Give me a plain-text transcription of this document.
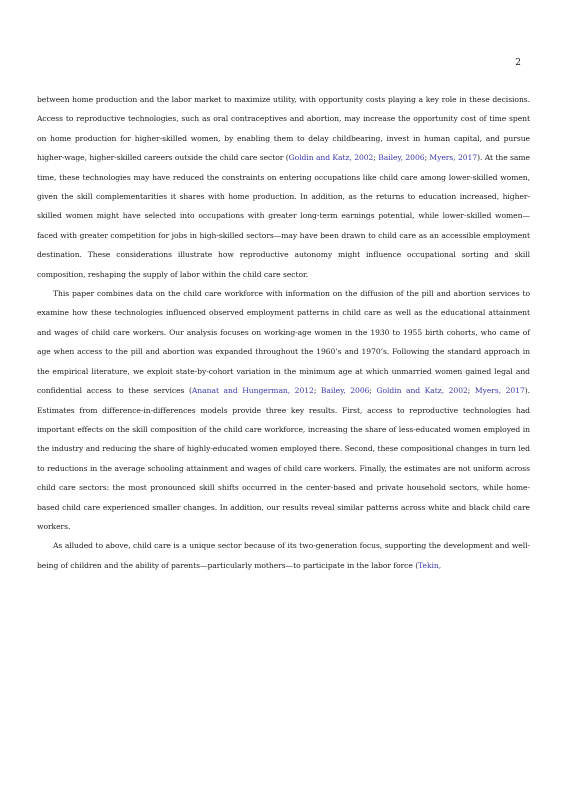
2

between home production and the labor market to maximize utility, with opportunity costs playing a key role in these decisions. Access to reproductive technologies, such as oral contraceptives and abortion, may increase the opportunity cost of time spent on home production for higher-skilled women, by enabling them to delay childbearing, invest in human capital, and pursue higher-wage, higher-skilled careers outside the child care sector (Goldin and Katz, 2002; Bailey, 2006; Myers, 2017). At the same time, these technologies may have reduced the constraints on entering occupations like child care among lower-skilled women, given the skill complementarities it shares with home production. In addition, as the returns to education increased, higher-skilled women might have selected into occupations with greater long-term earnings potential, while lower-skilled women—faced with greater competition for jobs in high-skilled sectors—may have been drawn to child care as an accessible employment destination. These considerations illustrate how reproductive autonomy might influence occupational sorting and skill composition, reshaping the supply of labor within the child care sector.

This paper combines data on the child care workforce with information on the diffusion of the pill and abortion services to examine how these technologies influenced observed employment patterns in child care as well as the educational attainment and wages of child care workers. Our analysis focuses on working-age women in the 1930 to 1955 birth cohorts, who came of age when access to the pill and abortion was expanded throughout the 1960’s and 1970’s. Following the standard approach in the empirical literature, we exploit state-by-cohort variation in the minimum age at which unmarried women gained legal and confidential access to these services (Ananat and Hungerman, 2012; Bailey, 2006; Goldin and Katz, 2002; Myers, 2017). Estimates from difference-in-differences models provide three key results. First, access to reproductive technologies had important effects on the skill composition of the child care workforce, increasing the share of less-educated women employed in the industry and reducing the share of highly-educated women employed there. Second, these compositional changes in turn led to reductions in the average schooling attainment and wages of child care workers. Finally, the estimates are not uniform across child care sectors: the most pronounced skill shifts occurred in the center-based and private household sectors, while home-based child care experienced smaller changes. In addition, our results reveal similar patterns across white and black child care workers.

As alluded to above, child care is a unique sector because of its two-generation focus, supporting the development and well-being of children and the ability of parents—particularly mothers—to participate in the labor force (Tekin,
